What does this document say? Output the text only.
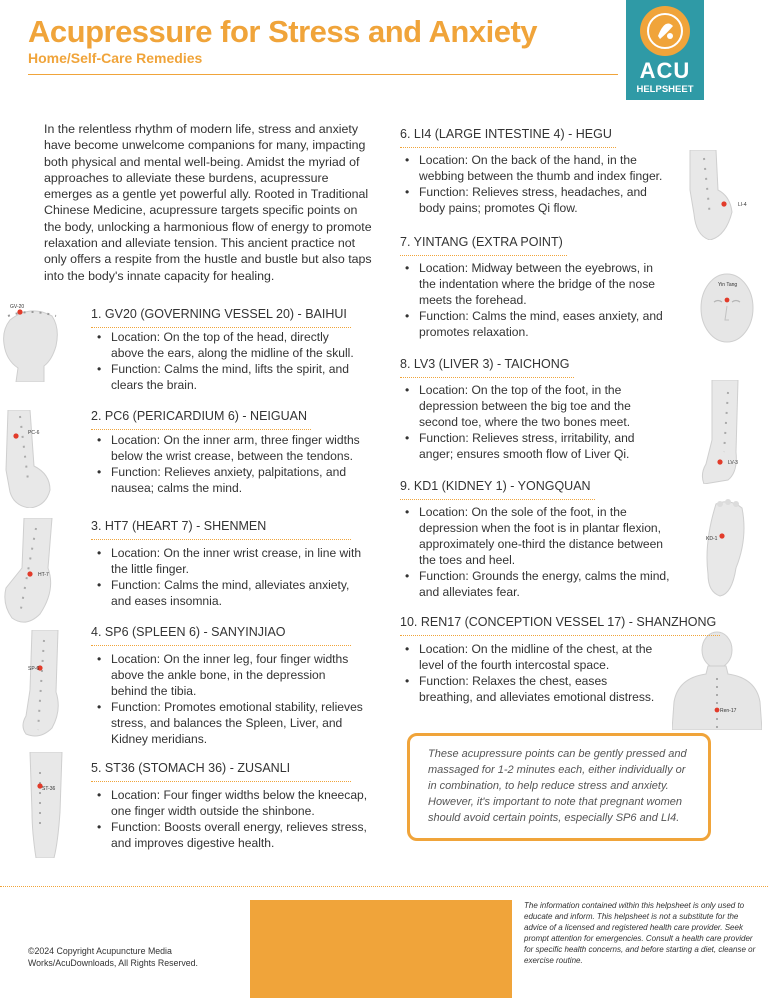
Acupressure for Stress and Anxiety
Home/Self-Care Remedies	ACU
HELPSHEET
In the relentless rhythm of modern life, stress and anxiety have become unwelcome companions for many, impacting both physical and mental well-being. Amidst the myriad of approaches to alleviate these burdens, acupressure emerges as a gentle yet powerful ally. Rooted in Traditional Chinese Medicine, acupressure targets specific points on the body, unlocking a harmonious flow of energy to promote relaxation and alleviate tension. This ancient practice not only offers a respite from the hustle and bustle but also taps into the body's innate capacity for healing.
GV-20
PC-6
HT-7
SP-6
ST-36
LI-4
Yin Tang
LV-3
KD-1
Ren-17
1. GV20 (GOVERNING VESSEL 20) - BAIHUI
• Location: On the top of the head, directly above the ears, along the midline of the skull.
• Function: Calms the mind, lifts the spirit, and clears the brain.
2. PC6 (PERICARDIUM 6) - NEIGUAN
• Location: On the inner arm, three finger widths below the wrist crease, between the tendons.
• Function: Relieves anxiety, palpitations, and nausea; calms the mind.
3. HT7 (HEART 7) - SHENMEN
• Location: On the inner wrist crease, in line with the little finger.
• Function: Calms the mind, alleviates anxiety, and eases insomnia.
4. SP6 (SPLEEN 6) - SANYINJIAO
• Location: On the inner leg, four finger widths above the ankle bone, in the depression behind the tibia.
• Function: Promotes emotional stability, relieves stress, and balances the Spleen, Liver, and Kidney meridians.
5. ST36 (STOMACH 36) - ZUSANLI
• Location: Four finger widths below the kneecap, one finger width outside the shinbone.
• Function: Boosts overall energy, relieves stress, and improves digestive health.
6. LI4 (LARGE INTESTINE 4) - HEGU
• Location: On the back of the hand, in the webbing between the thumb and index finger.
• Function: Relieves stress, headaches, and body pains; promotes Qi flow.
7. YINTANG (EXTRA POINT)
• Location: Midway between the eyebrows, in the indentation where the bridge of the nose meets the forehead.
• Function: Calms the mind, eases anxiety, and promotes relaxation.
8. LV3 (LIVER 3) - TAICHONG
• Location: On the top of the foot, in the depression between the big toe and the second toe, where the two bones meet.
• Function: Relieves stress, irritability, and anger; ensures smooth flow of Liver Qi.
9. KD1 (KIDNEY 1) - YONGQUAN
• Location: On the sole of the foot, in the depression when the foot is in plantar flexion, approximately one-third the distance between the toes and heel.
• Function: Grounds the energy, calms the mind, and alleviates fear.
10. REN17 (CONCEPTION VESSEL 17) - SHANZHONG
• Location: On the midline of the chest, at the level of the fourth intercostal space.
• Function: Relaxes the chest, eases breathing, and alleviates emotional distress.
These acupressure points can be gently pressed and massaged for 1-2 minutes each, either individually or in combination, to help reduce stress and anxiety. However, it's important to note that pregnant women should avoid certain points, especially SP6 and LI4.
©2024 Copyright Acupuncture Media Works/AcuDownloads, All Rights Reserved.
The information contained within this helpsheet is only used to educate and inform. This helpsheet is not a substitute for the advice of a licensed and registered health care provider. Seek prompt attention for emergencies. Consult a health care provider for specific health concerns, and before starting a diet, cleanse or exercise routine.
